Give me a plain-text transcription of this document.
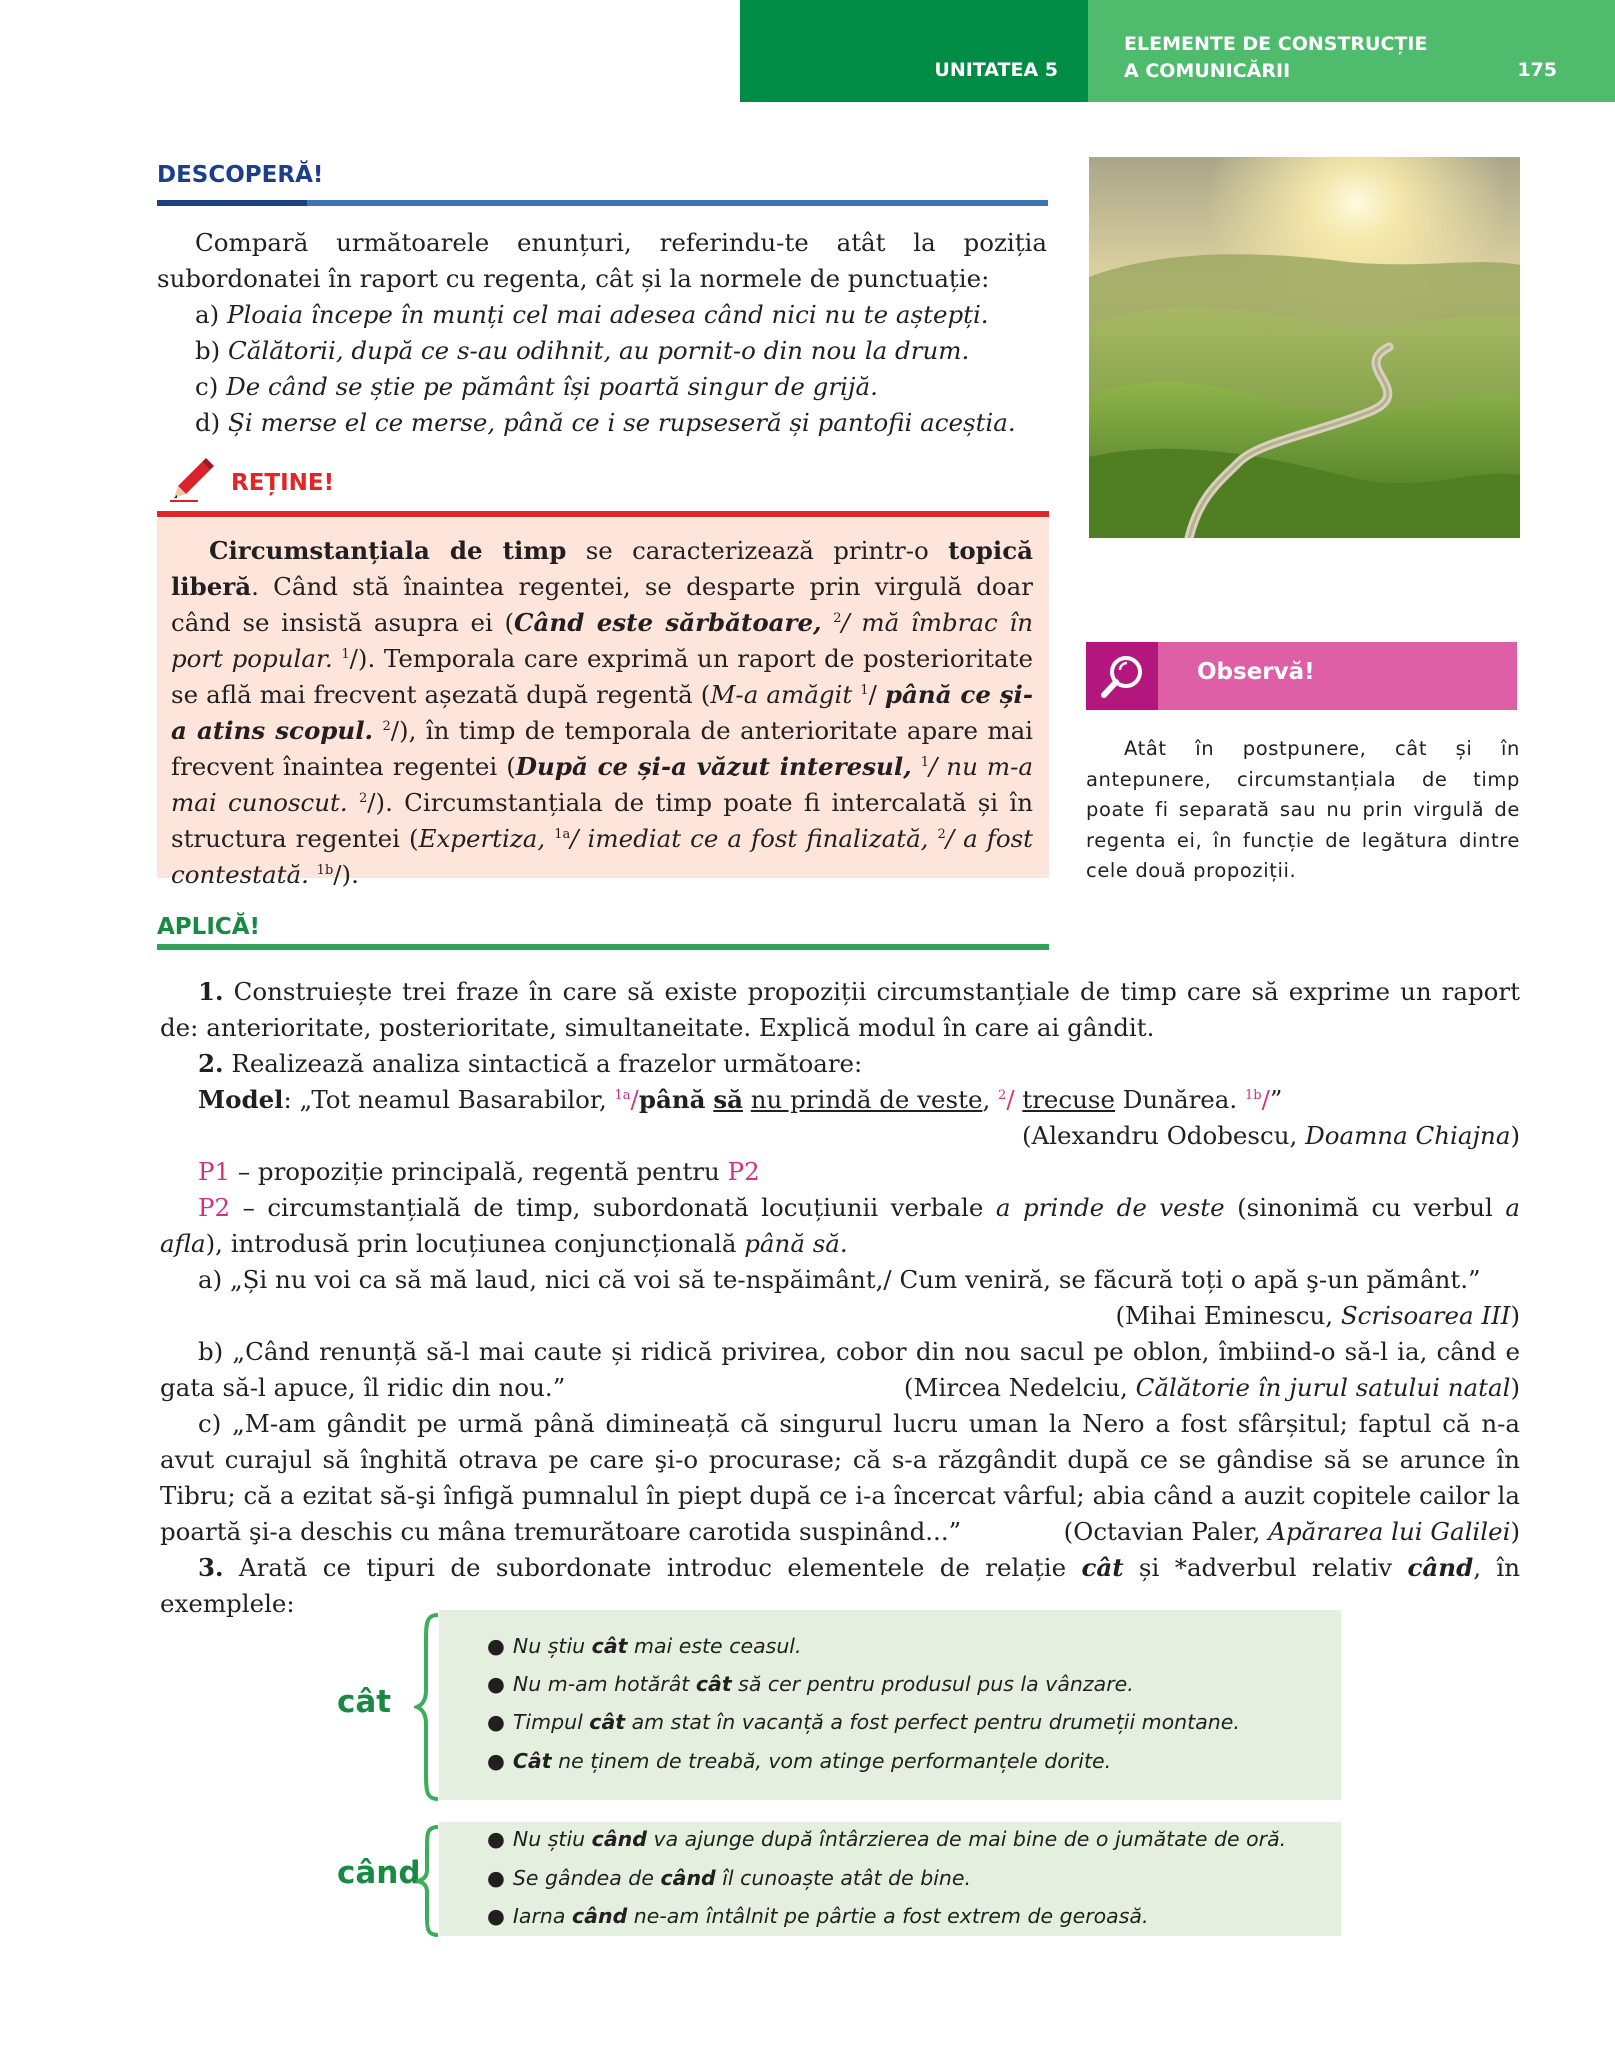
UNITATEA 5
ELEMENTE DE CONSTRUCȚIE
A COMUNICĂRII	175
DESCOPERĂ!

Compară următoarele enunțuri, referindu-te atât la poziția subordonatei în raport cu regenta, cât și la normele de punctuație:

a) Ploaia începe în munți cel mai adesea când nici nu te aștepți.

b) Călătorii, după ce s-au odihnit, au pornit-o din nou la drum.

c) De când se știe pe pământ își poartă singur de grijă.

d) Și merse el ce merse, până ce i se rupseseră și pantofii aceștia.

REȚINE!

Circumstanțiala de timp se caracterizează printr-o topică liberă. Când stă înaintea regentei, se desparte prin virgulă doar când se insistă asupra ei (Când este sărbătoare, $^2$/ mă îmbrac în port popular. $^1$/). Temporala care exprimă un raport de posterioritate se află mai frecvent așezată după regentă (M-a amăgit $^1$/ până ce și-a atins scopul. $^2$/), în timp de temporala de anterioritate apare mai frecvent înaintea regentei (După ce și-a văzut interesul, $^1$/ nu m-a mai cunoscut. $^2$/). Circumstanțiala de timp poate fi intercalată și în structura regentei (Expertiza, $^{1a}$/ imediat ce a fost finalizată, $^2$/ a fost contestată. $^{1b}$/).

Observă!
Atât în postpunere, cât și în antepunere, circumstanțiala de timp poate fi separată sau nu prin virgulă de regenta ei, în funcție de legătura dintre cele două propoziții.
APLICĂ!

1. Construiește trei fraze în care să existe propoziții circumstanțiale de timp care să exprime un raport de: anterioritate, posterioritate, simultaneitate. Explică modul în care ai gândit.

2. Realizează analiza sintactică a frazelor următoare:

Model: „Tot neamul Basarabilor, $^{1a}$/până să nu prindă de veste, $^2$/ trecuse Dunărea. $^{1b}$/”

(Alexandru Odobescu, Doamna Chiajna)

P1 – propoziție principală, regentă pentru P2

P2 – circumstanțială de timp, subordonată locuțiunii verbale a prinde de veste (sinonimă cu verbul a afla), introdusă prin locuțiunea conjuncțională până să.

a) „Și nu voi ca să mă laud, nici că voi să te-nspăimânt,/ Cum veniră, se făcură toți o apă ş-un pământ.”

(Mihai Eminescu, Scrisoarea III)

b) „Când renunță să-l mai caute și ridică privirea, cobor din nou sacul pe oblon, îmbiind-o să-l ia, când e gata să-l apuce, îl ridic din nou.”	(Mircea Nedelciu, Călătorie în jurul satului natal)

c) „M-am gândit pe urmă până dimineață că singurul lucru uman la Nero a fost sfârșitul; faptul că n-a avut curajul să înghită otrava pe care şi-o procurase; că s-a răzgândit după ce se gândise să se arunce în Tibru; că a ezitat să-şi înfigă pumnalul în piept după ce i-a încercat vârful; abia când a auzit copitele cailor la poartă şi-a deschis cu mâna tremurătoare carotida suspinând...”	(Octavian Paler, Apărarea lui Galilei)

3. Arată ce tipuri de subordonate introduc elementele de relație cât și *adverbul relativ când, în exemplele:

cât
● Nu știu cât mai este ceasul.
● Nu m-am hotărât cât să cer pentru produsul pus la vânzare.
● Timpul cât am stat în vacanță a fost perfect pentru drumeții montane.
● Cât ne ținem de treabă, vom atinge performanțele dorite.
când
● Nu știu când va ajunge după întârzierea de mai bine de o jumătate de oră.
● Se gândea de când îl cunoaște atât de bine.
● Iarna când ne-am întâlnit pe pârtie a fost extrem de geroasă.
